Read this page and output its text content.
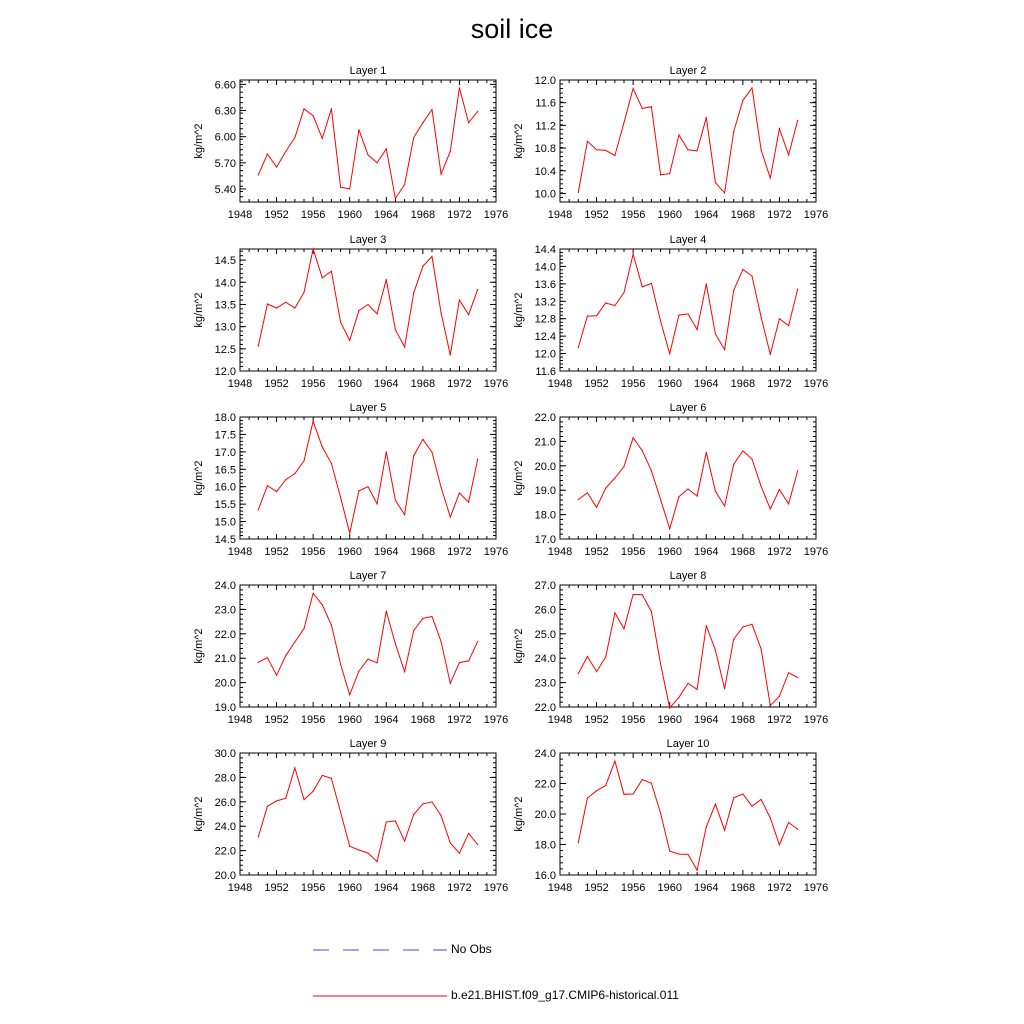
soil ice
Layer 1
kg/m^2
1948 1952 1956 1960 1964 1968 1972 1976
5.40
5.70
6.00
6.30
6.60
Layer 2
kg/m^2
1948 1952 1956 1960 1964 1968 1972 1976
10.0
10.4
10.8
11.2
11.6
12.0
Layer 3
kg/m^2
1948 1952 1956 1960 1964 1968 1972 1976
12.0
12.5
13.0
13.5
14.0
14.5
Layer 4
kg/m^2
1948 1952 1956 1960 1964 1968 1972 1976
11.6
12.0
12.4
12.8
13.2
13.6
14.0
14.4
Layer 5
kg/m^2
1948 1952 1956 1960 1964 1968 1972 1976
14.5
15.0
15.5
16.0
16.5
17.0
17.5
18.0
Layer 6
kg/m^2
1948 1952 1956 1960 1964 1968 1972 1976
17.0
18.0
19.0
20.0
21.0
22.0
Layer 7
kg/m^2
1948 1952 1956 1960 1964 1968 1972 1976
19.0
20.0
21.0
22.0
23.0
24.0
Layer 8
kg/m^2
1948 1952 1956 1960 1964 1968 1972 1976
22.0
23.0
24.0
25.0
26.0
27.0
Layer 9
kg/m^2
1948 1952 1956 1960 1964 1968 1972 1976
20.0
22.0
24.0
26.0
28.0
30.0
Layer 10
kg/m^2
1948 1952 1956 1960 1964 1968 1972 1976
16.0
18.0
20.0
22.0
24.0
No Obs
b.e21.BHIST.f09_g17.CMIP6-historical.011
